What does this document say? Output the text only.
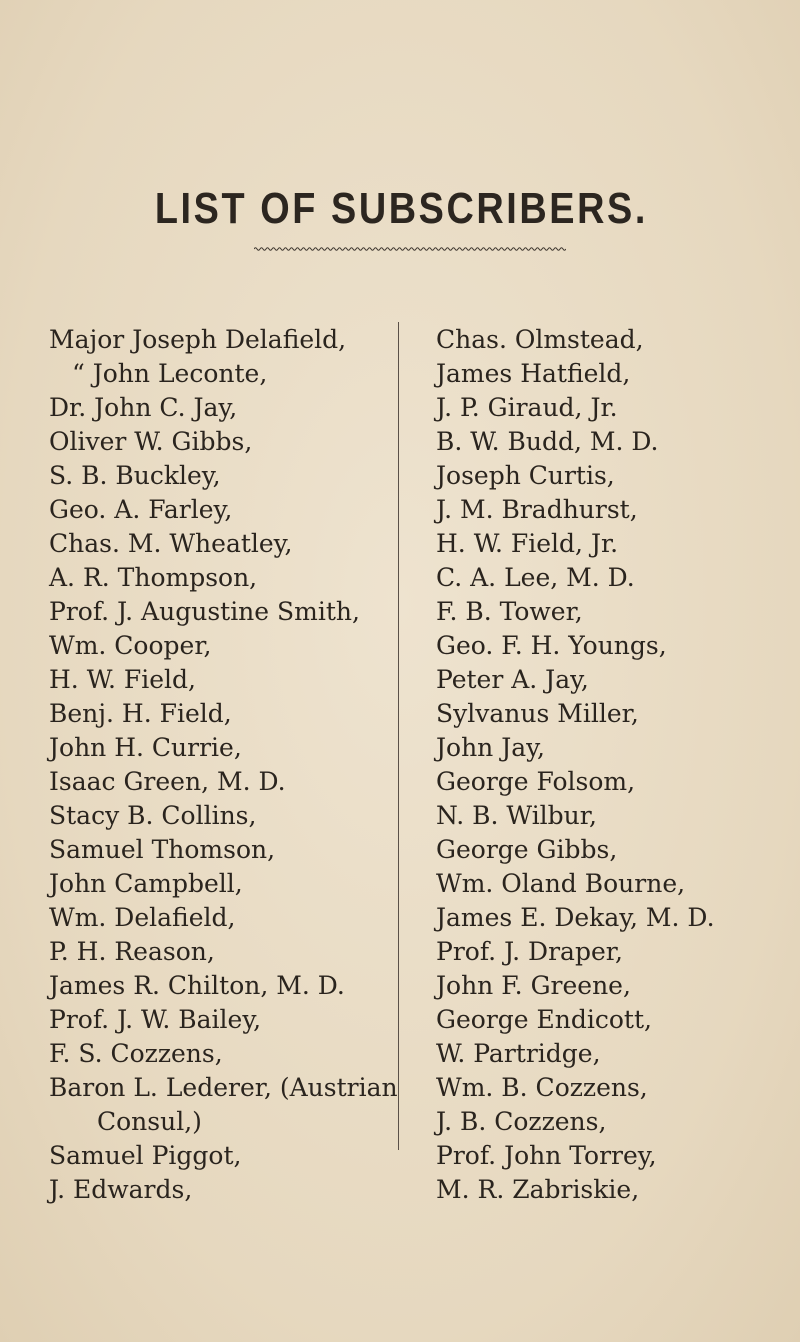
LIST OF SUBSCRIBERS.
Major Joseph Delafield,
“ John Leconte,
Dr. John C. Jay,
Oliver W. Gibbs,
S. B. Buckley,
Geo. A. Farley,
Chas. M. Wheatley,
A. R. Thompson,
Prof. J. Augustine Smith,
Wm. Cooper,
H. W. Field,
Benj. H. Field,
John H. Currie,
Isaac Green, M. D.
Stacy B. Collins,
Samuel Thomson,
John Campbell,
Wm. Delafield,
P. H. Reason,
James R. Chilton, M. D.
Prof. J. W. Bailey,
F. S. Cozzens,
Baron L. Lederer, (Austrian
Consul,)
Samuel Piggot,
J. Edwards,
Chas. Olmstead,
James Hatfield,
J. P. Giraud, Jr.
B. W. Budd, M. D.
Joseph Curtis,
J. M. Bradhurst,
H. W. Field, Jr.
C. A. Lee, M. D.
F. B. Tower,
Geo. F. H. Youngs,
Peter A. Jay,
Sylvanus Miller,
John Jay,
George Folsom,
N. B. Wilbur,
George Gibbs,
Wm. Oland Bourne,
James E. Dekay, M. D.
Prof. J. Draper,
John F. Greene,
George Endicott,
W. Partridge,
Wm. B. Cozzens,
J. B. Cozzens,
Prof. John Torrey,
M. R. Zabriskie,
